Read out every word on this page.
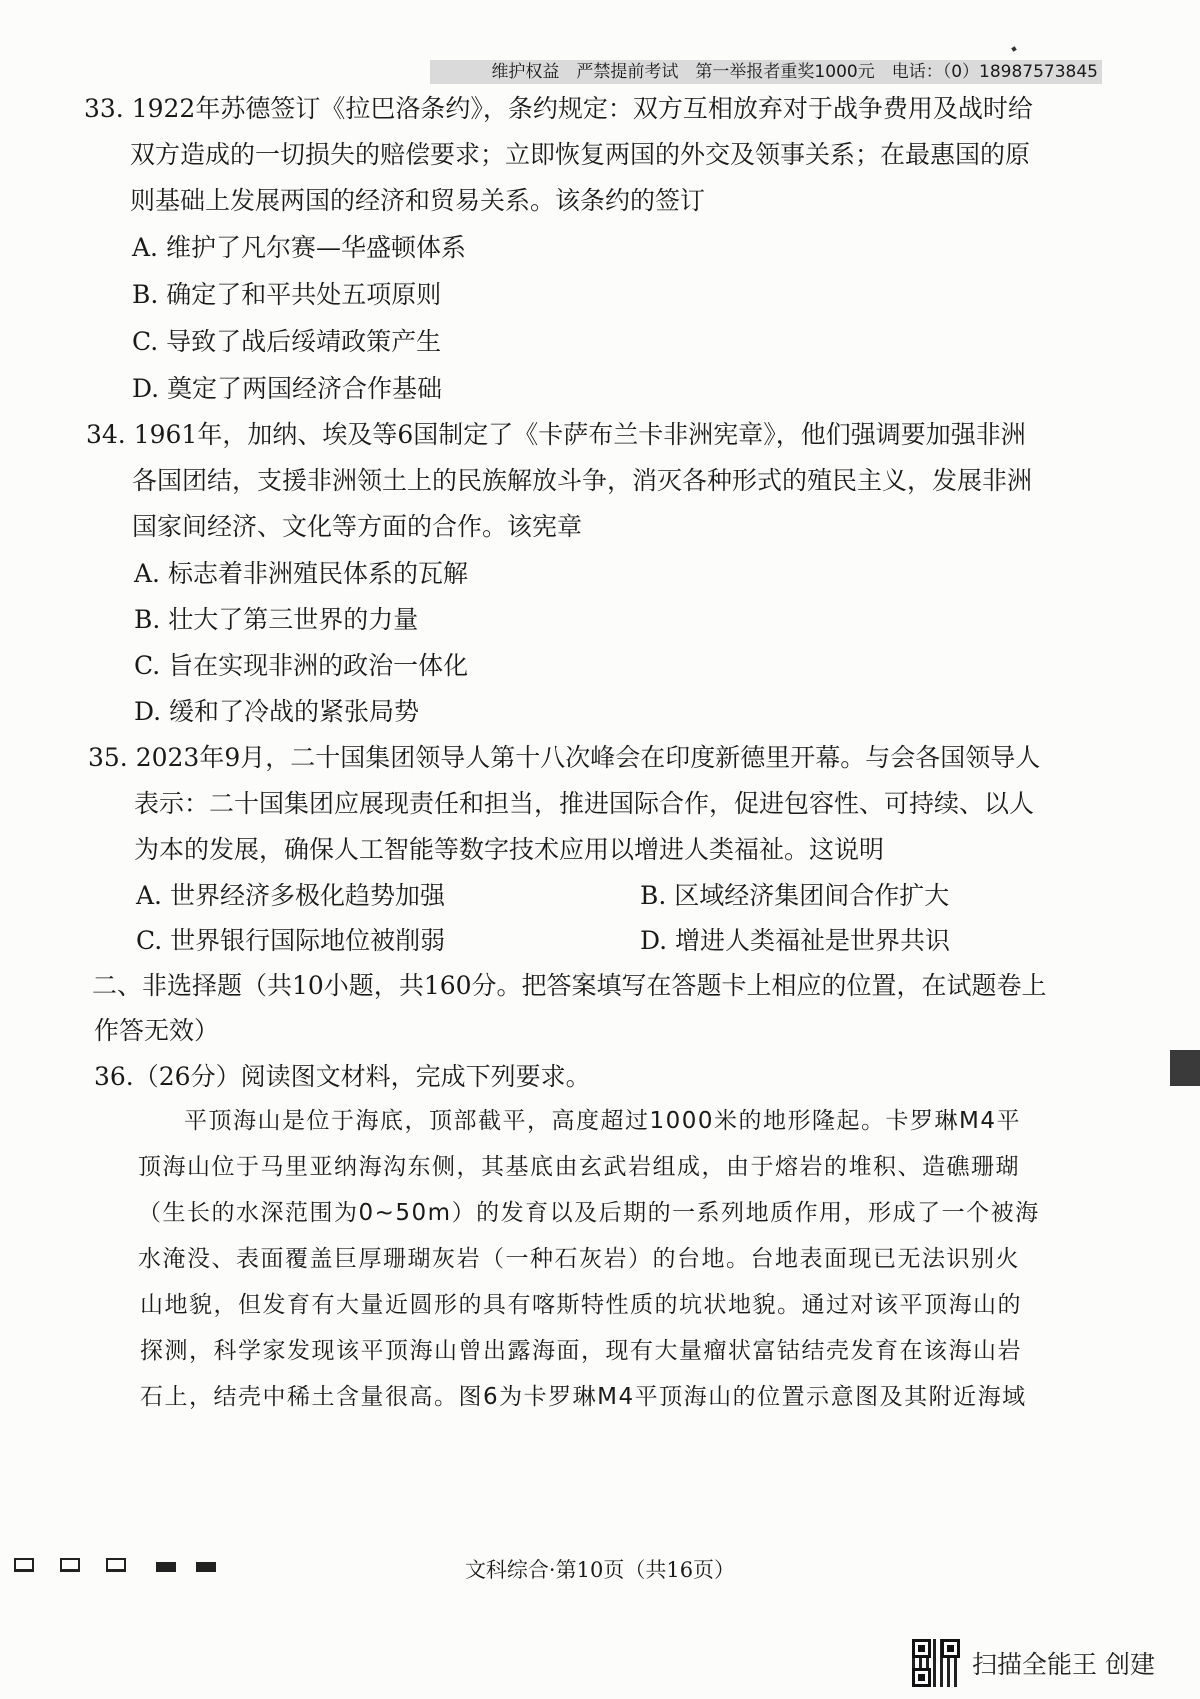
维护权益　严禁提前考试　第一举报者重奖1000元　电话：（0）18987573845
33. 1922年苏德签订《拉巴洛条约》，条约规定：双方互相放弃对于战争费用及战时给
双方造成的一切损失的赔偿要求；立即恢复两国的外交及领事关系；在最惠国的原
则基础上发展两国的经济和贸易关系。该条约的签订
A. 维护了凡尔赛—华盛顿体系
B. 确定了和平共处五项原则
C. 导致了战后绥靖政策产生
D. 奠定了两国经济合作基础
34. 1961年，加纳、埃及等6国制定了《卡萨布兰卡非洲宪章》，他们强调要加强非洲
各国团结，支援非洲领土上的民族解放斗争，消灭各种形式的殖民主义，发展非洲
国家间经济、文化等方面的合作。该宪章
A. 标志着非洲殖民体系的瓦解
B. 壮大了第三世界的力量
C. 旨在实现非洲的政治一体化
D. 缓和了冷战的紧张局势
35. 2023年9月，二十国集团领导人第十八次峰会在印度新德里开幕。与会各国领导人
表示：二十国集团应展现责任和担当，推进国际合作，促进包容性、可持续、以人
为本的发展，确保人工智能等数字技术应用以增进人类福祉。这说明
A. 世界经济多极化趋势加强	B. 区域经济集团间合作扩大
C. 世界银行国际地位被削弱	D. 增进人类福祉是世界共识
二、非选择题（共10小题，共160分。把答案填写在答题卡上相应的位置，在试题卷上
作答无效）
36.（26分）阅读图文材料，完成下列要求。
平顶海山是位于海底，顶部截平，高度超过1000米的地形隆起。卡罗琳M4平
顶海山位于马里亚纳海沟东侧，其基底由玄武岩组成，由于熔岩的堆积、造礁珊瑚
（生长的水深范围为0~50m）的发育以及后期的一系列地质作用，形成了一个被海
水淹没、表面覆盖巨厚珊瑚灰岩（一种石灰岩）的台地。台地表面现已无法识别火
山地貌，但发育有大量近圆形的具有喀斯特性质的坑状地貌。通过对该平顶海山的
探测，科学家发现该平顶海山曾出露海面，现有大量瘤状富钴结壳发育在该海山岩
石上，结壳中稀土含量很高。图6为卡罗琳M4平顶海山的位置示意图及其附近海域
文科综合·第10页（共16页）
扫描全能王 创建
